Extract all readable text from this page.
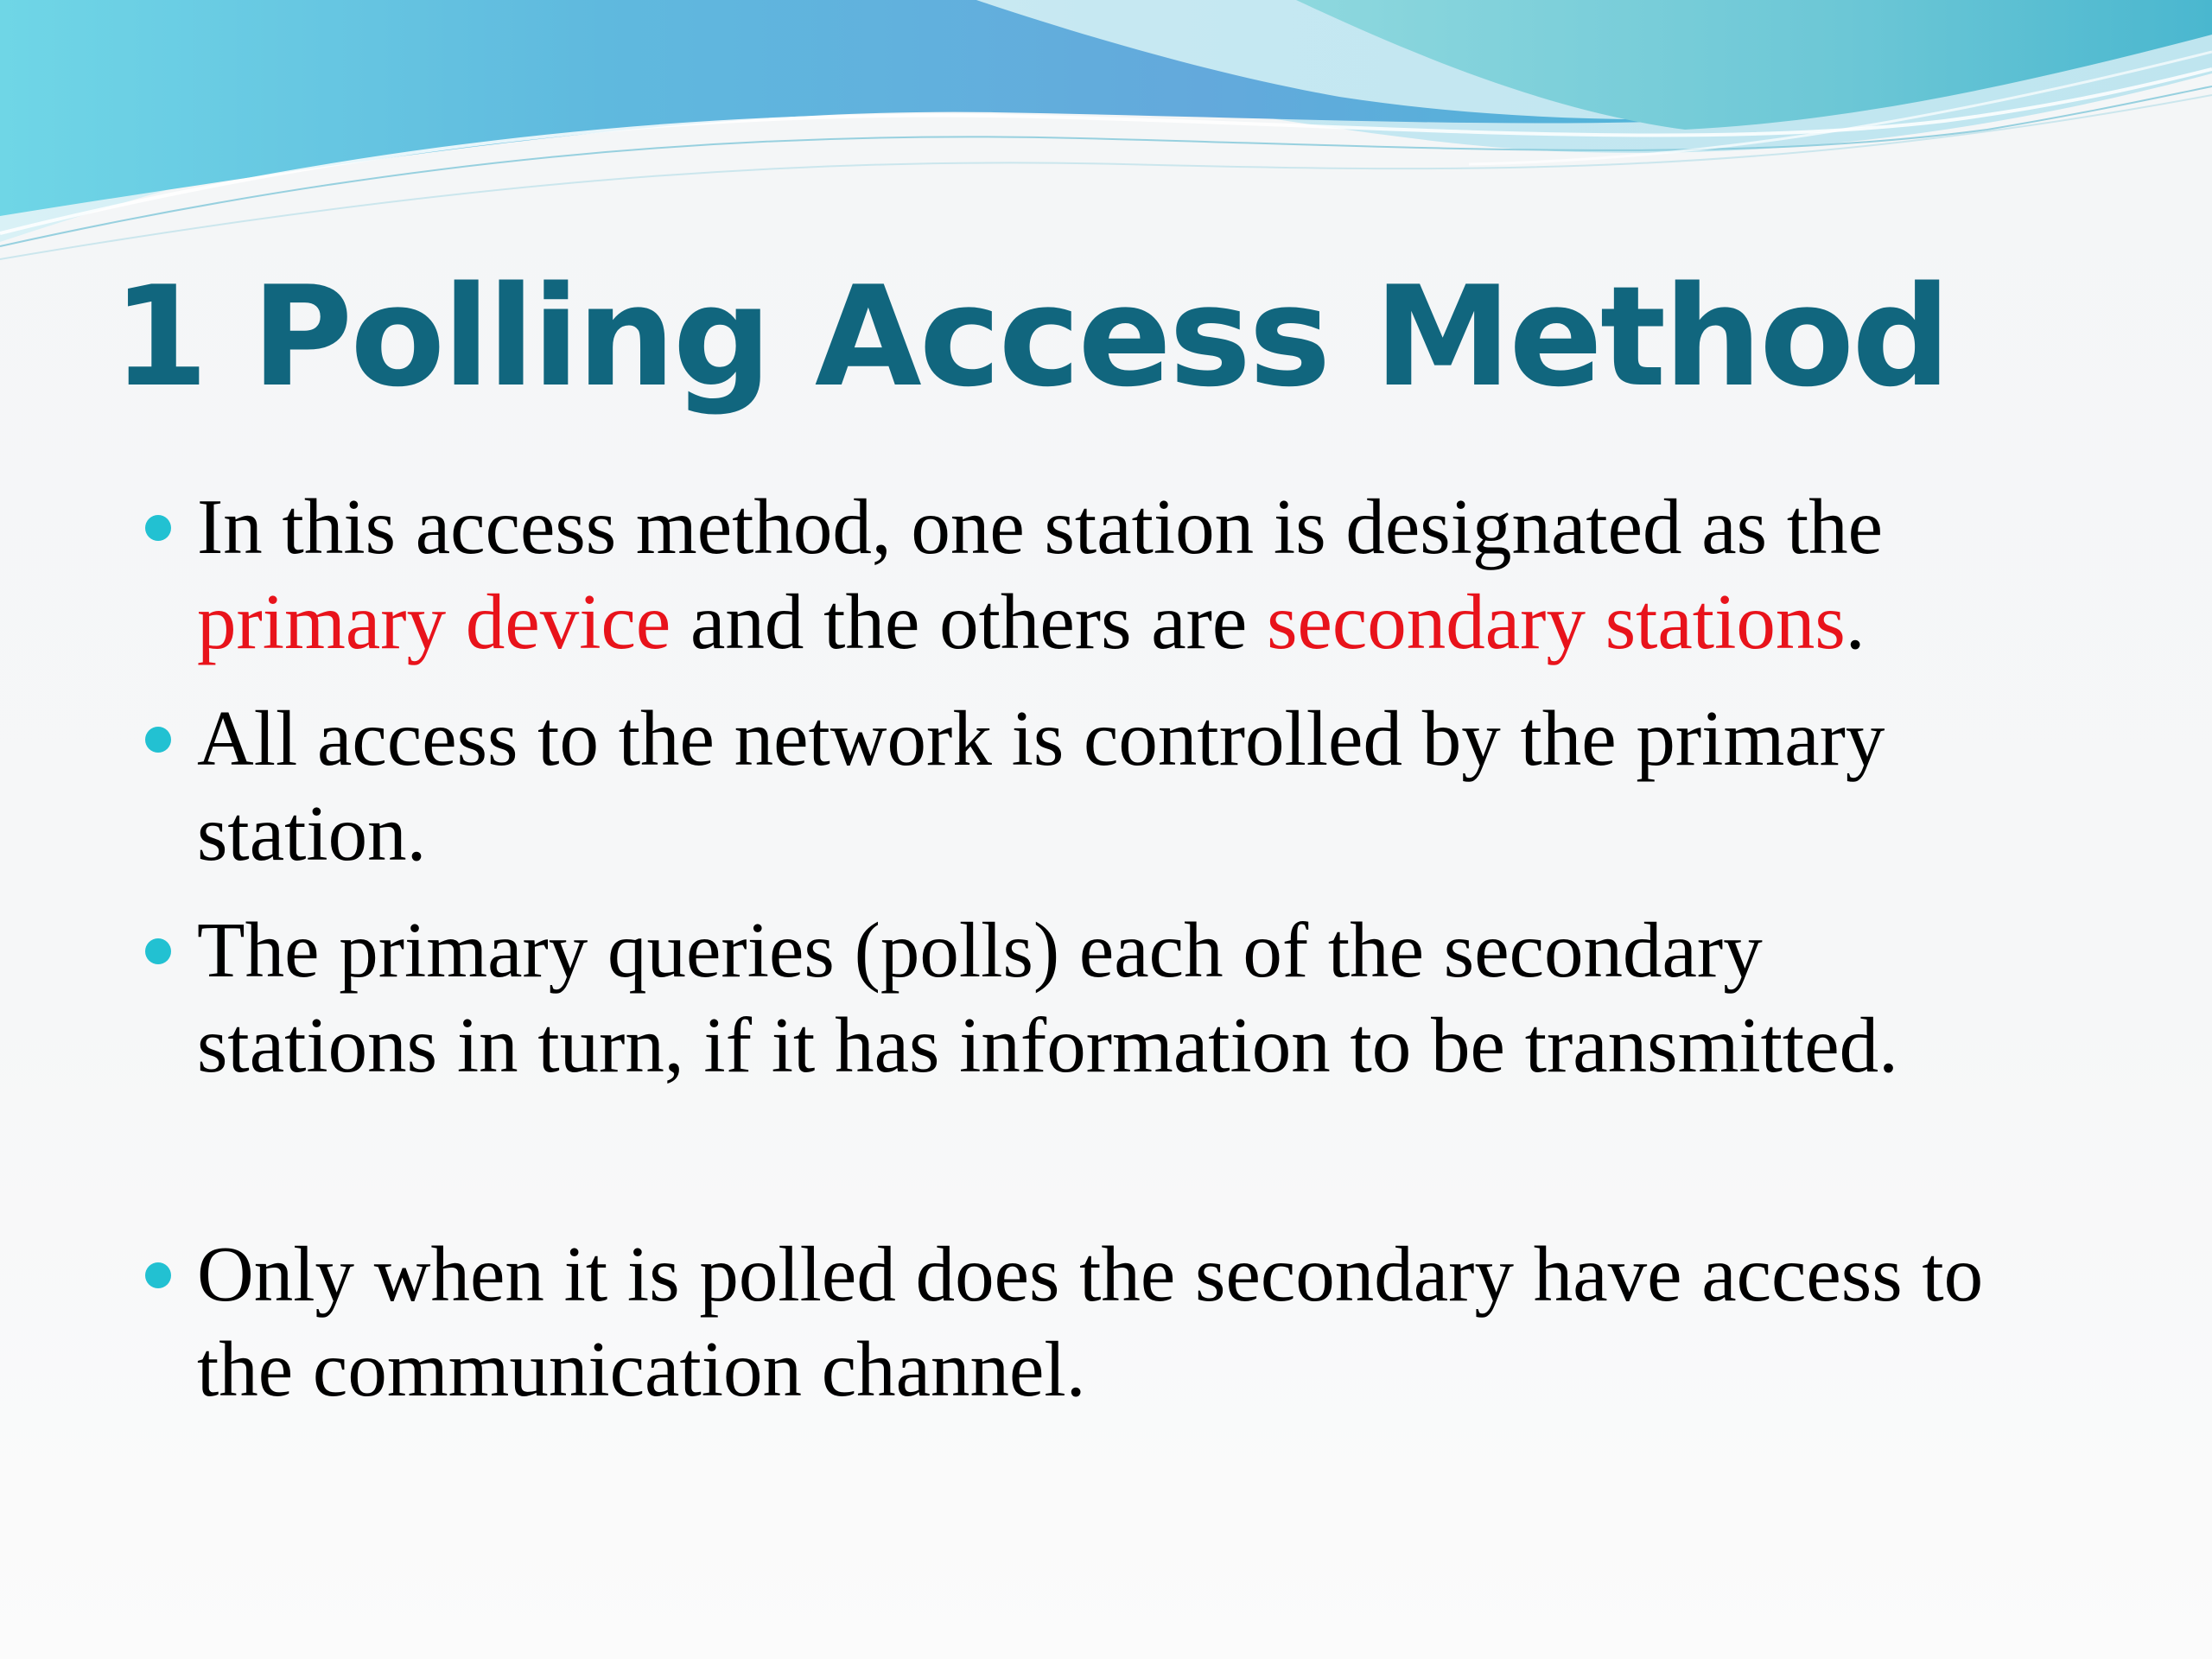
1 Polling Access Method
In this access method, one station is designated as the
primary device and the others are secondary stations.
All access to the network is controlled by the primary
station.
The primary queries (polls) each of the secondary
stations in turn, if it has information to be transmitted.
Only when it is polled does the secondary have access to
the communication channel.
